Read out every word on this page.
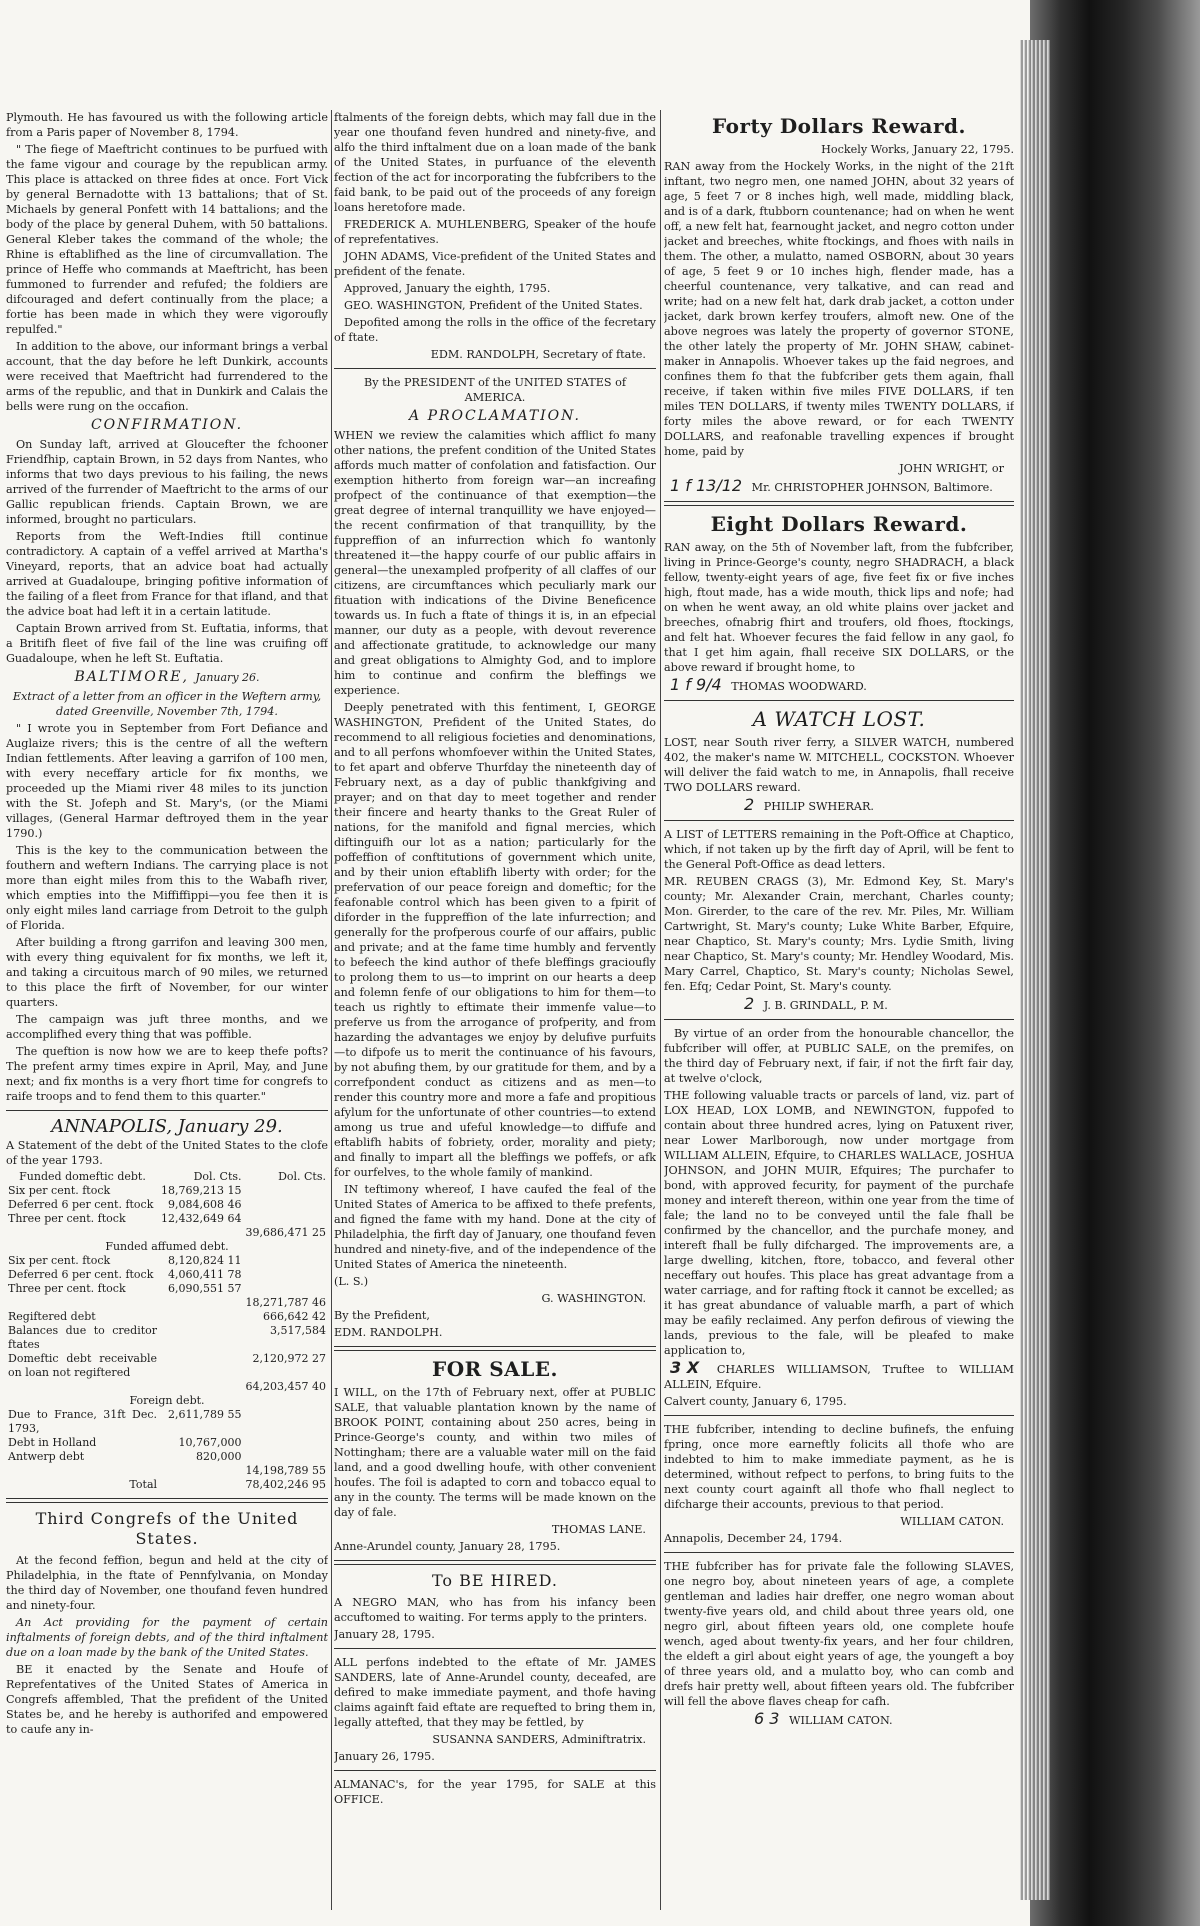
Plymouth. He has favoured us with the following article from a Paris paper of November 8, 1794.

" The fiege of Maeftricht continues to be purfued with the fame vigour and courage by the republican army. This place is attacked on three fides at once. Fort Vick by general Bernadotte with 13 battalions; that of St. Michaels by general Ponfett with 14 battalions; and the body of the place by general Duhem, with 50 battalions. General Kleber takes the command of the whole; the Rhine is eftablifhed as the line of circumvallation. The prince of Heffe who commands at Maeftricht, has been fummoned to furrender and refufed; the foldiers are difcouraged and defert continually from the place; a fortie has been made in which they were vigoroufly repulfed."

In addition to the above, our informant brings a verbal account, that the day before he left Dunkirk, accounts were received that Maeftricht had furrendered to the arms of the republic, and that in Dunkirk and Calais the bells were rung on the occafion.

CONFIRMATION.

On Sunday laft, arrived at Gloucefter the fchooner Friendfhip, captain Brown, in 52 days from Nantes, who informs that two days previous to his failing, the news arrived of the furrender of Maeftricht to the arms of our Gallic republican friends. Captain Brown, we are informed, brought no particulars.

Reports from the Weft-Indies ftill continue contradictory. A captain of a veffel arrived at Martha's Vineyard, reports, that an advice boat had actually arrived at Guadaloupe, bringing pofitive information of the failing of a fleet from France for that ifland, and that the advice boat had left it in a certain latitude.

Captain Brown arrived from St. Euftatia, informs, that a Britifh fleet of five fail of the line was cruifing off Guadaloupe, when he left St. Euftatia.

BALTIMORE, January 26.

Extract of a letter from an officer in the Weftern army, dated Greenville, November 7th, 1794.

" I wrote you in September from Fort Defiance and Auglaize rivers; this is the centre of all the weftern Indian fettlements. After leaving a garrifon of 100 men, with every neceffary article for fix months, we proceeded up the Miami river 48 miles to its junction with the St. Jofeph and St. Mary's, (or the Miami villages, (General Harmar deftroyed them in the year 1790.)

This is the key to the communication between the fouthern and weftern Indians. The carrying place is not more than eight miles from this to the Wabafh river, which empties into the Miffiffippi—you fee then it is only eight miles land carriage from Detroit to the gulph of Florida.

After building a ftrong garrifon and leaving 300 men, with every thing equivalent for fix months, we left it, and taking a circuitous march of 90 miles, we returned to this place the firft of November, for our winter quarters.

The campaign was juft three months, and we accomplifhed every thing that was poffible.

The queftion is now how we are to keep thefe pofts? The prefent army times expire in April, May, and June next; and fix months is a very fhort time for congrefs to raife troops and to fend them to this quarter."

ANNAPOLIS, January 29.

A Statement of the debt of the United States to the clofe of the year 1793.

Funded domeftic debt.	Dol. Cts.	Dol. Cts.
Six per cent. ftock	18,769,213 15	
Deferred 6 per cent. ftock	9,084,608 46	
Three per cent. ftock	12,432,649 64	
		39,686,471 25
Funded affumed debt.		
Six per cent. ftock	8,120,824 11	
Deferred 6 per cent. ftock	4,060,411 78	
Three per cent. ftock	6,090,551 57	
		18,271,787 46
Regiftered debt		666,642 42
Balances due to creditor ftates		3,517,584
Domeftic debt receivable on loan not regiftered		2,120,972 27
		64,203,457 40
Foreign debt.		
Due to France, 31ft Dec. 1793,	2,611,789 55	
Debt in Holland	10,767,000	
Antwerp debt	820,000	
		14,198,789 55
Total		78,402,246 95
Third Congrefs of the United States.

At the fecond feffion, begun and held at the city of Philadelphia, in the ftate of Pennfylvania, on Monday the third day of November, one thoufand feven hundred and ninety-four.

An Act providing for the payment of certain inftalments of foreign debts, and of the third inftalment due on a loan made by the bank of the United States.

BE it enacted by the Senate and Houfe of Reprefentatives of the United States of America in Congrefs affembled, That the prefident of the United States be, and he hereby is authorifed and empowered to caufe any in-

ftalments of the foreign debts, which may fall due in the year one thoufand feven hundred and ninety-five, and alfo the third inftalment due on a loan made of the bank of the United States, in purfuance of the eleventh fection of the act for incorporating the fubfcribers to the faid bank, to be paid out of the proceeds of any foreign loans heretofore made.

FREDERICK A. MUHLENBERG, Speaker of the houfe of reprefentatives.

JOHN ADAMS, Vice-prefident of the United States and prefident of the fenate.

Approved, January the eighth, 1795.

GEO. WASHINGTON, Prefident of the United States.

Depofited among the rolls in the office of the fecretary of ftate.

EDM. RANDOLPH, Secretary of ftate.

By the PRESIDENT of the UNITED STATES of AMERICA.

A PROCLAMATION.

WHEN we review the calamities which afflict fo many other nations, the prefent condition of the United States affords much matter of confolation and fatisfaction. Our exemption hitherto from foreign war—an increafing profpect of the continuance of that exemption—the great degree of internal tranquillity we have enjoyed—the recent confirmation of that tranquillity, by the fuppreffion of an infurrection which fo wantonly threatened it—the happy courfe of our public affairs in general—the unexampled profperity of all claffes of our citizens, are circumftances which peculiarly mark our fituation with indications of the Divine Beneficence towards us. In fuch a ftate of things it is, in an efpecial manner, our duty as a people, with devout reverence and affectionate gratitude, to acknowledge our many and great obligations to Almighty God, and to implore him to continue and confirm the bleffings we experience.

Deeply penetrated with this fentiment, I, GEORGE WASHINGTON, Prefident of the United States, do recommend to all religious focieties and denominations, and to all perfons whomfoever within the United States, to fet apart and obferve Thurfday the nineteenth day of February next, as a day of public thankfgiving and prayer; and on that day to meet together and render their fincere and hearty thanks to the Great Ruler of nations, for the manifold and fignal mercies, which diftinguifh our lot as a nation; particularly for the poffeffion of conftitutions of government which unite, and by their union eftablifh liberty with order; for the prefervation of our peace foreign and domeftic; for the feafonable control which has been given to a fpirit of diforder in the fuppreffion of the late infurrection; and generally for the profperous courfe of our affairs, public and private; and at the fame time humbly and fervently to befeech the kind author of thefe bleffings gracioufly to prolong them to us—to imprint on our hearts a deep and folemn fenfe of our obligations to him for them—to teach us rightly to eftimate their immenfe value—to preferve us from the arrogance of profperity, and from hazarding the advantages we enjoy by delufive purfuits—to difpofe us to merit the continuance of his favours, by not abufing them, by our gratitude for them, and by a correfpondent conduct as citizens and as men—to render this country more and more a fafe and propitious afylum for the unfortunate of other countries—to extend among us true and ufeful knowledge—to diffufe and eftablifh habits of fobriety, order, morality and piety; and finally to impart all the bleffings we poffefs, or afk for ourfelves, to the whole family of mankind.

IN teftimony whereof, I have caufed the feal of the United States of America to be affixed to thefe prefents, and figned the fame with my hand. Done at the city of Philadelphia, the firft day of January, one thoufand feven hundred and ninety-five, and of the independence of the United States of America the nineteenth.

(L. S.)

G. WASHINGTON.

By the Prefident,

EDM. RANDOLPH.

FOR SALE.

I WILL, on the 17th of February next, offer at PUBLIC SALE, that valuable plantation known by the name of BROOK POINT, containing about 250 acres, being in Prince-George's county, and within two miles of Nottingham; there are a valuable water mill on the faid land, and a good dwelling houfe, with other convenient houfes. The foil is adapted to corn and tobacco equal to any in the county. The terms will be made known on the day of fale.

THOMAS LANE.

Anne-Arundel county, January 28, 1795.

To BE HIRED.

A NEGRO MAN, who has from his infancy been accuftomed to waiting. For terms apply to the printers.

January 28, 1795.

ALL perfons indebted to the eftate of Mr. JAMES SANDERS, late of Anne-Arundel county, deceafed, are defired to make immediate payment, and thofe having claims againft faid eftate are requefted to bring them in, legally attefted, that they may be fettled, by

SUSANNA SANDERS, Adminiftratrix.

January 26, 1795.

ALMANAC's, for the year 1795, for SALE at this OFFICE.

Forty Dollars Reward.

Hockely Works, January 22, 1795.

RAN away from the Hockely Works, in the night of the 21ft inftant, two negro men, one named JOHN, about 32 years of age, 5 feet 7 or 8 inches high, well made, middling black, and is of a dark, ftubborn countenance; had on when he went off, a new felt hat, fearnought jacket, and negro cotton under jacket and breeches, white ftockings, and fhoes with nails in them. The other, a mulatto, named OSBORN, about 30 years of age, 5 feet 9 or 10 inches high, flender made, has a cheerful countenance, very talkative, and can read and write; had on a new felt hat, dark drab jacket, a cotton under jacket, dark brown kerfey troufers, almoft new. One of the above negroes was lately the property of governor STONE, the other lately the property of Mr. JOHN SHAW, cabinet-maker in Annapolis. Whoever takes up the faid negroes, and confines them fo that the fubfcriber gets them again, fhall receive, if taken within five miles FIVE DOLLARS, if ten miles TEN DOLLARS, if twenty miles TWENTY DOLLARS, if forty miles the above reward, or for each TWENTY DOLLARS, and reafonable travelling expences if brought home, paid by

JOHN WRIGHT, or

1 f 13/12 Mr. CHRISTOPHER JOHNSON, Baltimore.

Eight Dollars Reward.

RAN away, on the 5th of November laft, from the fubfcriber, living in Prince-George's county, negro SHADRACH, a black fellow, twenty-eight years of age, five feet fix or five inches high, ftout made, has a wide mouth, thick lips and nofe; had on when he went away, an old white plains over jacket and breeches, ofnabrig fhirt and troufers, old fhoes, ftockings, and felt hat. Whoever fecures the faid fellow in any gaol, fo that I get him again, fhall receive SIX DOLLARS, or the above reward if brought home, to

1 f 9/4 THOMAS WOODWARD.

A WATCH LOST.

LOST, near South river ferry, a SILVER WATCH, numbered 402, the maker's name W. MITCHELL, COCKSTON. Whoever will deliver the faid watch to me, in Annapolis, fhall receive TWO DOLLARS reward.

2 PHILIP SWHERAR.

A LIST of LETTERS remaining in the Poft-Office at Chaptico, which, if not taken up by the firft day of April, will be fent to the General Poft-Office as dead letters.

MR. REUBEN CRAGS (3), Mr. Edmond Key, St. Mary's county; Mr. Alexander Crain, merchant, Charles county; Mon. Girerder, to the care of the rev. Mr. Piles, Mr. William Cartwright, St. Mary's county; Luke White Barber, Efquire, near Chaptico, St. Mary's county; Mrs. Lydie Smith, living near Chaptico, St. Mary's county; Mr. Hendley Woodard, Mis. Mary Carrel, Chaptico, St. Mary's county; Nicholas Sewel, fen. Efq; Cedar Point, St. Mary's county.

2 J. B. GRINDALL, P. M.

By virtue of an order from the honourable chancellor, the fubfcriber will offer, at PUBLIC SALE, on the premifes, on the third day of February next, if fair, if not the firft fair day, at twelve o'clock,

THE following valuable tracts or parcels of land, viz. part of LOX HEAD, LOX LOMB, and NEWINGTON, fuppofed to contain about three hundred acres, lying on Patuxent river, near Lower Marlborough, now under mortgage from WILLIAM ALLEIN, Efquire, to CHARLES WALLACE, JOSHUA JOHNSON, and JOHN MUIR, Efquires; The purchafer to bond, with approved fecurity, for payment of the purchafe money and intereft thereon, within one year from the time of fale; the land no to be conveyed until the fale fhall be confirmed by the chancellor, and the purchafe money, and intereft fhall be fully difcharged. The improvements are, a large dwelling, kitchen, ftore, tobacco, and feveral other neceffary out houfes. This place has great advantage from a water carriage, and for rafting ftock it cannot be excelled; as it has great abundance of valuable marfh, a part of which may be eafily reclaimed. Any perfon defirous of viewing the lands, previous to the fale, will be pleafed to make application to,

3 X CHARLES WILLIAMSON, Truftee to WILLIAM ALLEIN, Efquire.

Calvert county, January 6, 1795.

THE fubfcriber, intending to decline bufinefs, the enfuing fpring, once more earneftly folicits all thofe who are indebted to him to make immediate payment, as he is determined, without refpect to perfons, to bring fuits to the next county court againft all thofe who fhall neglect to difcharge their accounts, previous to that period.

WILLIAM CATON.

Annapolis, December 24, 1794.

THE fubfcriber has for private fale the following SLAVES, one negro boy, about nineteen years of age, a complete gentleman and ladies hair dreffer, one negro woman about twenty-five years old, and child about three years old, one negro girl, about fifteen years old, one complete houfe wench, aged about twenty-fix years, and her four children, the eldeft a girl about eight years of age, the youngeft a boy of three years old, and a mulatto boy, who can comb and drefs hair pretty well, about fifteen years old. The fubfcriber will fell the above flaves cheap for cafh.

6 3 WILLIAM CATON.
